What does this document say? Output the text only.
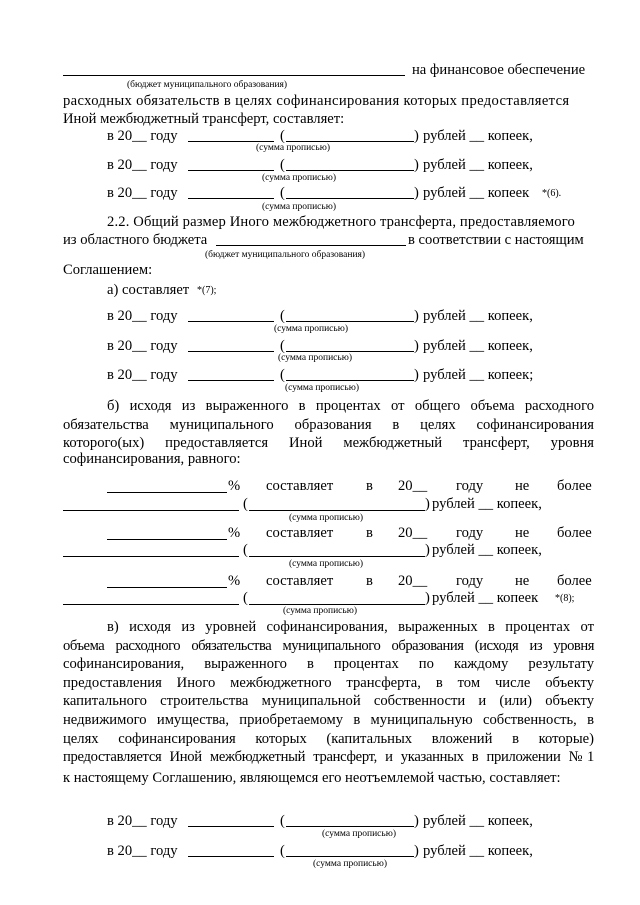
на финансовое обеспечение
(бюджет муниципального образования)
расходных обязательств в целях софинансирования которых предоставляется
Иной межбюджетный трансферт, составляет:
в 20__ году	(	) рублей __ копеек,
(сумма прописью)
в 20__ году	(	) рублей __ копеек,
(сумма прописью)
в 20__ году	(	) рублей __ копеек *(6).
(сумма прописью)
2.2. Общий размер Иного межбюджетного трансферта, предоставляемого
из областного бюджета	в соответствии с настоящим
(бюджет муниципального образования)
Соглашением:
а) составляет *(7);
в 20__ году	(	) рублей __ копеек,
(сумма прописью)
в 20__ году	(	) рублей __ копеек,
(сумма прописью)
в 20__ году	(	) рублей __ копеек;
(сумма прописью)
б) исходя из выраженного в процентах от общего объема расходного
обязательства муниципального образования в целях софинансирования
которого(ых) предоставляется Иной межбюджетный трансферт, уровня
софинансирования, равного:
% составляет в 20__ году не более
(	) рублей __ копеек,
(сумма прописью)
% составляет в 20__ году не более
(	) рублей __ копеек,
(сумма прописью)
% составляет в 20__ году не более
(	) рублей __ копеек *(8);
(сумма прописью)
в) исходя из уровней софинансирования, выраженных в процентах от
объема расходного обязательства муниципального образования (исходя из уровня
софинансирования, выраженного в процентах по каждому результату
предоставления Иного межбюджетного трансферта, в том числе объекту
капитального строительства муниципальной собственности и (или) объекту
недвижимого имущества, приобретаемому в муниципальную собственность, в
целях софинансирования которых (капитальных вложений в которые)
предоставляется Иной межбюджетный трансферт, и указанных в приложении №1
к настоящему Соглашению, являющемся его неотъемлемой частью, составляет:
в 20__ году	(	) рублей __ копеек,
(сумма прописью)
в 20__ году	(	) рублей __ копеек,
(сумма прописью)
